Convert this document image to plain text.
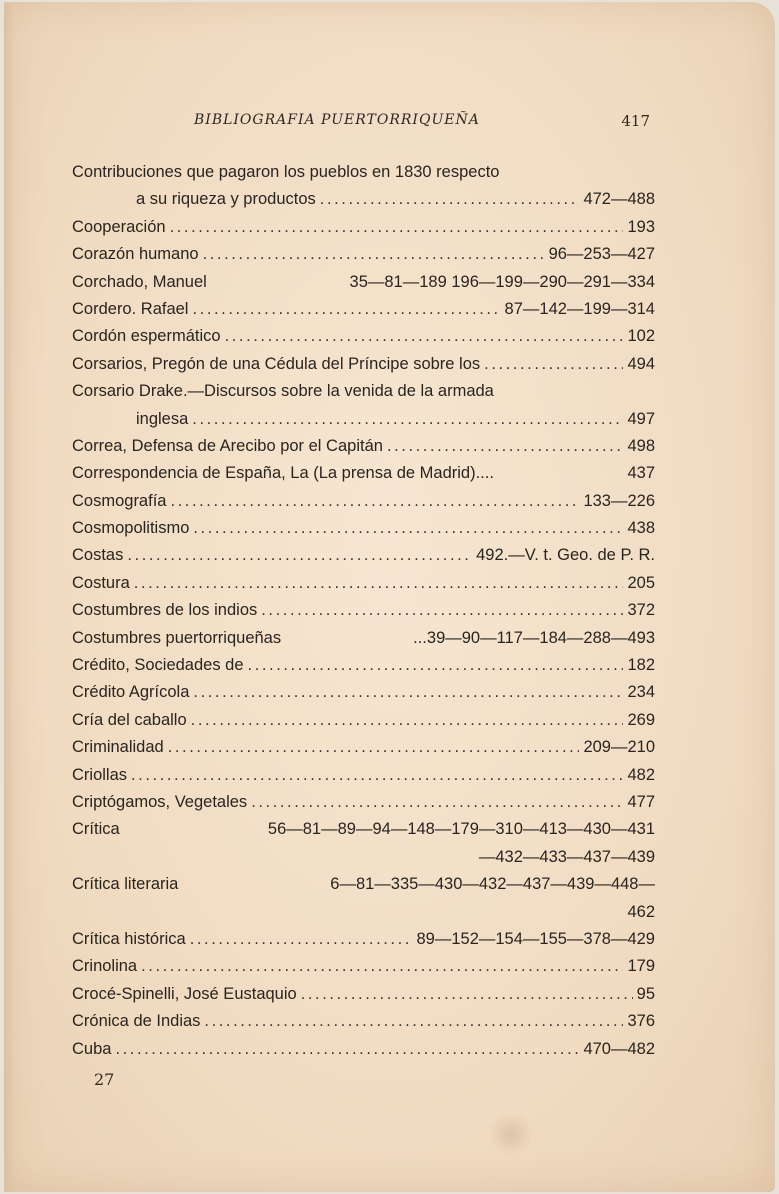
BIBLIOGRAFIA PUERTORRIQUEÑA	417
Contribuciones que pagaron los pueblos en 1830 respecto
a su riqueza y productos . . .	472—488
Cooperación . . .	193
Corazón humano . . .	96—253—427
Corchado, Manuel	35—81—189 196—199—290—291—334
Cordero. Rafael . . .	87—142—199—314
Cordón espermático . . .	102
Corsarios, Pregón de una Cédula del Príncipe sobre los . . .	494
Corsario Drake.—Discursos sobre la venida de la armada
inglesa . . .	497
Correa, Defensa de Arecibo por el Capitán . . .	498
Correspondencia de España, La (La prensa de Madrid)....	437
Cosmografía . . .	133—226
Cosmopolitismo . . .	438
Costas . . .	492.—V. t. Geo. de P. R.
Costura . . .	205
Costumbres de los indios . . .	372
Costumbres puertorriqueñas	...39—90—117—184—288—493
Crédito, Sociedades de . . .	182
Crédito Agrícola . . .	234
Cría del caballo . . .	269
Criminalidad . . .	209—210
Criollas . . .	482
Criptógamos, Vegetales . . .	477
Crítica	56—81—89—94—148—179—310—413—430—431
—432—433—437—439
Crítica literaria	6—81—335—430—432—437—439—448—
462
Crítica histórica . . .	89—152—154—155—378—429
Crinolina . . .	179
Crocé-Spinelli, José Eustaquio . . .	95
Crónica de Indias . . .	376
Cuba . . .	470—482
27
